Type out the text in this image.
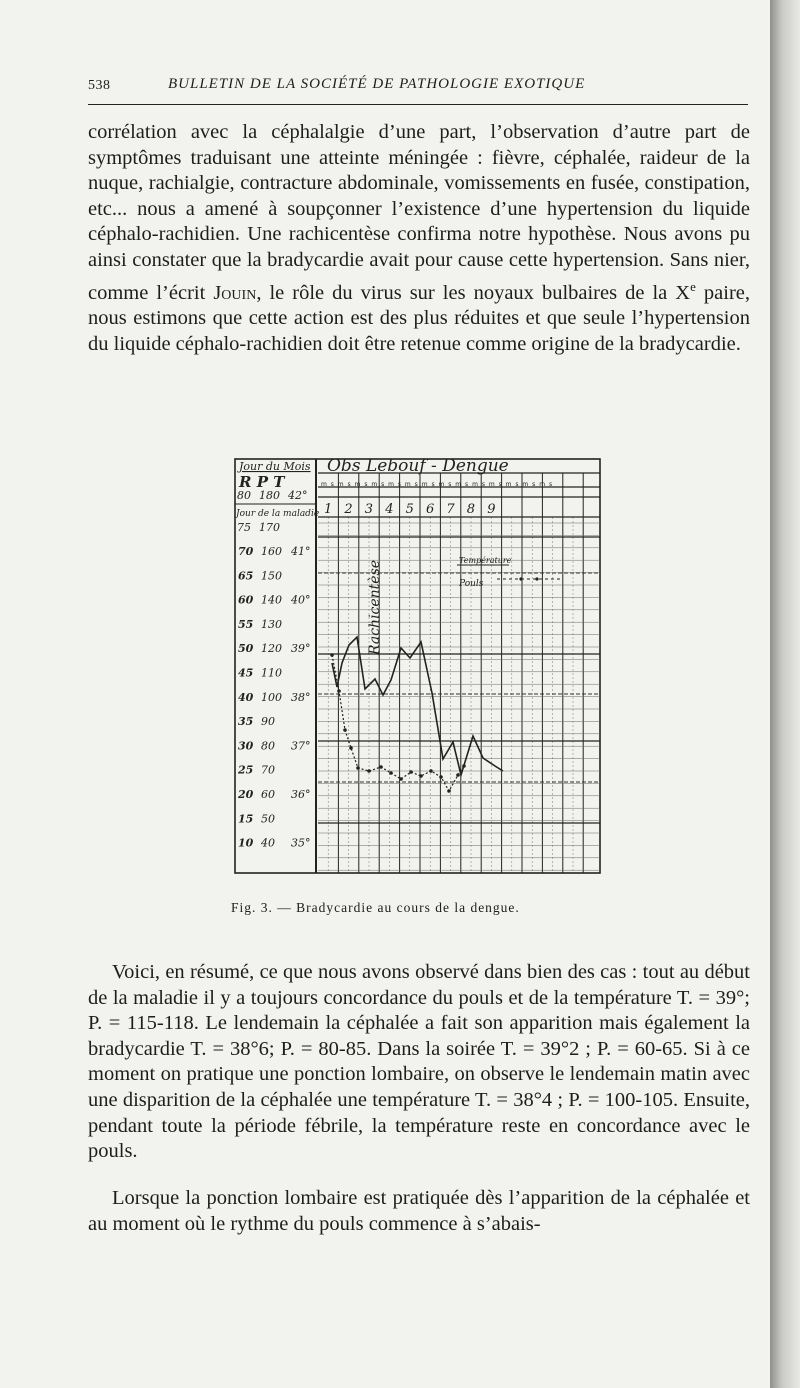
538	BULLETIN DE LA SOCIÉTÉ DE PATHOLOGIE EXOTIQUE

corrélation avec la céphalalgie d’une part, l’observation d’autre part de symptômes traduisant une atteinte méningée : fièvre, céphalée, raideur de la nuque, rachialgie, contracture abdominale, vomissements en fusée, constipation, etc... nous a amené à soupçonner l’existence d’une hypertension du liquide céphalo-rachidien. Une rachicentèse confirma notre hypothèse. Nous avons pu ainsi constater que la bradycardie avait pour cause cette hypertension. Sans nier, comme l’écrit Jouin, le rôle du virus sur les noyaux bulbaires de la Xe paire, nous estimons que cette action est des plus réduites et que seule l’hypertension du liquide céphalo-rachidien doit être retenue comme origine de la bradycardie.

Obs Lebouf - Dengue
m s m s m s m s m s m s m s m s m s m s m s m s m s m s
1 2 3 4 5 6 7 8 9
Jour du Mois
R P T
80 180 42°
Jour de la maladie
75 170
70 160 41°
65 150
60 140 40°
55 130
50 120 39°
45 110
40 100 38°
35 90
30 80 37°
25 70
20 60 36°
15 50
10 40 35°
Rachicentèse	Température
Pouls
Fig. 3. — Bradycardie au cours de la dengue.

Voici, en résumé, ce que nous avons observé dans bien des cas : tout au début de la maladie il y a toujours concordance du pouls et de la température T. = 39°; P. = 115-118. Le lendemain la céphalée a fait son apparition mais également la bradycardie T. = 38°6; P. = 80-85. Dans la soirée T. = 39°2 ; P. = 60-65. Si à ce moment on pratique une ponction lombaire, on observe le lendemain matin avec une disparition de la céphalée une température T. = 38°4 ; P. = 100-105. Ensuite, pendant toute la période fébrile, la température reste en concordance avec le pouls.

Lorsque la ponction lombaire est pratiquée dès l’apparition de la céphalée et au moment où le rythme du pouls commence à s’abais-
